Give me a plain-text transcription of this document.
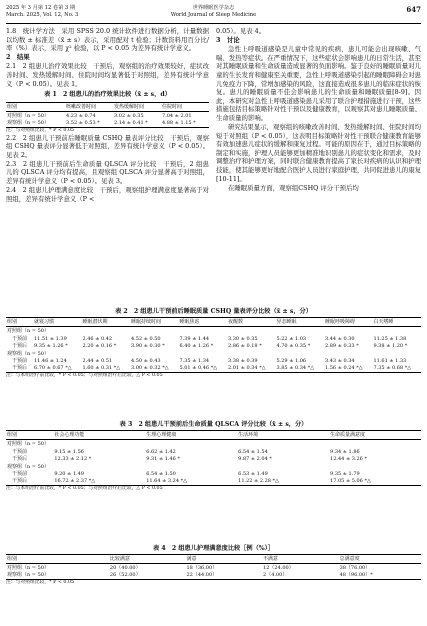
2025 年 3 月第 12 卷第 3 期
March. 2025, Vol. 12, No. 3
世界睡眠医学杂志
World Journal of Sleep Medicine
647

1.8　统计学方法　采用 SPSS 20.0 统计软件进行数据分析，计量数据以均数 ± 标准差（x̄ ± s）表示，采用配对 t 检验；计数资料用百分比/率（%）表示，采用 χ² 检验，以 P < 0.05 为差异有统计学意义。

2　结果

2.1　2 组患儿治疗效果比较　干预后，观察组的治疗效果较好，症状改善时间、发热缓解时间、住院时间均显著低于对照组，差异有统计学意义（P < 0.05）。见表 1。

表 1　2 组患儿的治疗效果比较（x̄ ± s，d）
组别	咳嗽改善时间	发热缓解时间	住院时间
对照组（n = 50）	4.23 ± 0.74	3.02 ± 0.35	7.04 ± 2.01
观察组（n = 50）	3.52 ± 0.53 *	2.14 ± 0.41 *	4.88 ± 1.15 *
注：与对照组比较，* P < 0.05

2.2　2 组患儿干预前后睡眠质量 CSHQ 量表评分比较　干预后，观察组 CSHQ 量表评分显著低于对照组，差异有统计学意义（P < 0.05）。见表 2。

2.3　2 组患儿干预前后生命质量 QLSCA 评分比较　干预后，2 组患儿的 QLSCA 评分均有提高，且观察组 QLSCA 评分显著高于对照组，差异有统计学意义（P < 0.05）。见表 3。

2.4　2 组患儿护理满意度比较　干预后，观察组护理满意度显著高于对照组，差异有统计学意义（P <

0.05）。见表 4。

3　讨论

急性上呼吸道感染是儿童中常见的疾病，患儿可能会出现咳嗽、气喘、发热等症状。在严重情况下，这些症状会影响患儿的日常生活，甚至对其睡眠质量和生命质量造成显著的负面影响。鉴于良好的睡眠质量对儿童的生长发育和健康至关重要，急性上呼吸道感染引起的睡眠障碍会对患儿免疫力下降，常增加感染的风险，这直接造成很多患儿的临床症状的恢复。患儿的睡眠质量不佳会影响患儿的生命质量和睡眠质量[8-9]。因此，本研究对急性上呼吸道感染患儿采用了联合护理措施进行干预，这些措施包括目标策略针对性干预以及健康教育，以观察其对患儿睡眠质量、生命质量的影响。

研究结果显示，观察组的咳嗽改善时间、发热缓解时间、住院时间均短于对照组（P < 0.05），这表明目标策略针对性干预联合健康教育能够有效加速患儿症状的缓解和康复过程。可能的原因在于，通过目标策略的制定和实施，护理人员能够更加精准地识别患儿的症状变化和需求，及时调整治疗和护理方案，同时联合健康教育提高了家长对疾病的认识和护理技能，使其能够更好地配合医护人员进行家庭护理，共同促进患儿的康复[10-11]。

在睡眠质量方面，观察组CSHQ 评分干预后均

表 2　2 组患儿干预前后睡眠质量 CSHQ 量表评分比较（x̄ ± s，分）
组别	就寝习惯	睡眠潜伏期	睡眠持续时间	睡眠焦虑	夜醒数	异态睡眠	睡眠呼吸障碍	白天嗜睡
对照组（n = 50）								
干预前	11.51 ± 1.39	2.46 ± 0.42	4.52 ± 0.50	7.39 ± 1.44	3.30 ± 0.35	5.22 ± 1.03	3.44 ± 0.30	11.25 ± 1.38
干预后	9.35 ± 1.26 *	2.20 ± 0.16 *	3.90 ± 0.30 *	6.40 ± 1.26 *	2.86 ± 0.18 *	4.70 ± 0.35 *	2.89 ± 0.33 *	9.38 ± 1.20 *
观察组（n = 50）								
干预前	11.46 ± 1.24	2.44 ± 0.51	4.50 ± 0.43	7.35 ± 1.34	3.38 ± 0.39	5.29 ± 1.06	3.43 ± 0.34	11.61 ± 1.33
干预后	6.70 ± 0.67 *△	1.60 ± 0.31 *△	3.00 ± 0.32 *△	5.01 ± 0.46 *△	2.01 ± 0.34 *△	3.85 ± 0.34 *△	1.56 ± 0.24 *△	7.35 ± 0.68 *△
注：与本组治疗前比较，* P < 0.05；与对照组治疗后比较，△ P < 0.05
表 3　2 组患儿干预前后生命质量 QLSCA 评分比较（x̄ ± s，分）
组别	社会心理功能	生理心理健康	生活环境	生命质量满意度
对照组（n = 50）				
干预前	9.15 ± 1.56	6.62 ± 1.42	6.54 ± 1.54	9.34 ± 1.86
干预后	12.33 ± 2.12 *	9.31 ± 1.46 *	9.87 ± 2.04 *	12.44 ± 3.26 *
观察组（n = 50）				
干预前	9.20 ± 1.49	6.54 ± 1.50	6.53 ± 1.49	9.35 ± 1.79
干预后	16.72 ± 2.37 *△	11.64 ± 3.24 *△	11.22 ± 2.28 *△	17.05 ± 5.06 *△
注：与本组治疗前比较，* P < 0.05；与对照组治疗后比较，△ P < 0.05
表 4　2 组患儿护理满意度比较［例（%）］
组别	比较满意	满意	不满意	总满意度
对照组（n = 50）	20（40.00）	18（36.00）	12（24.00）	38（76.00）
观察组（n = 50）	26（52.00）	22（44.00）	2（4.00）	48（96.00）*
注：与对照组比较，* P < 0.05
